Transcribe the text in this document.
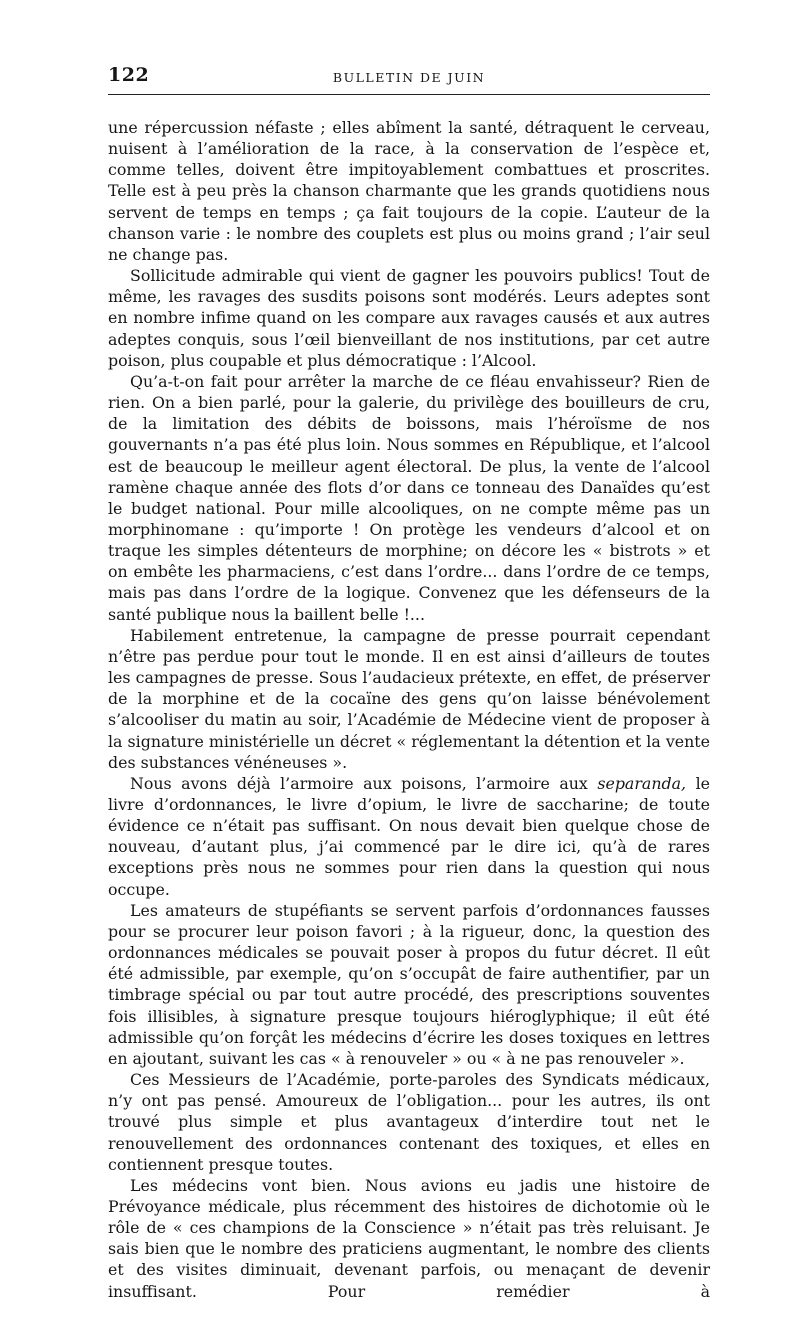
122	BULLETIN DE JUIN

une répercussion néfaste ; elles abîment la santé, détraquent le cerveau, nuisent à l’amélioration de la race, à la conservation de l’espèce et, comme telles, doivent être impitoyablement combattues et proscrites. Telle est à peu près la chanson charmante que les grands quotidiens nous servent de temps en temps ; ça fait toujours de la copie. L’auteur de la chanson varie : le nombre des couplets est plus ou moins grand ; l’air seul ne change pas.

Sollicitude admirable qui vient de gagner les pouvoirs publics! Tout de même, les ravages des susdits poisons sont modérés. Leurs adeptes sont en nombre infime quand on les compare aux ravages causés et aux autres adeptes conquis, sous l’œil bienveillant de nos institutions, par cet autre poison, plus coupable et plus démocratique : l’Alcool.

Qu’a-t-on fait pour arrêter la marche de ce fléau envahisseur? Rien de rien. On a bien parlé, pour la galerie, du privilège des bouilleurs de cru, de la limitation des débits de boissons, mais l’héroïsme de nos gouvernants n’a pas été plus loin. Nous sommes en République, et l’alcool est de beaucoup le meilleur agent électoral. De plus, la vente de l’alcool ramène chaque année des flots d’or dans ce tonneau des Danaïdes qu’est le budget national. Pour mille alcooliques, on ne compte même pas un morphinomane : qu’importe ! On protège les vendeurs d’alcool et on traque les simples détenteurs de morphine; on décore les « bistrots » et on embête les pharmaciens, c’est dans l’ordre... dans l’ordre de ce temps, mais pas dans l’ordre de la logique. Convenez que les défenseurs de la santé publique nous la baillent belle !...

Habilement entretenue, la campagne de presse pourrait cependant n’être pas perdue pour tout le monde. Il en est ainsi d’ailleurs de toutes les campagnes de presse. Sous l’audacieux prétexte, en effet, de préserver de la morphine et de la cocaïne des gens qu’on laisse bénévolement s’alcooliser du matin au soir, l’Académie de Médecine vient de proposer à la signature ministérielle un décret « réglementant la détention et la vente des substances vénéneuses ».

Nous avons déjà l’armoire aux poisons, l’armoire aux separanda, le livre d’ordonnances, le livre d’opium, le livre de saccharine; de toute évidence ce n’était pas suffisant. On nous devait bien quelque chose de nouveau, d’autant plus, j’ai commencé par le dire ici, qu’à de rares exceptions près nous ne sommes pour rien dans la question qui nous occupe.

Les amateurs de stupéfiants se servent parfois d’ordonnances fausses pour se procurer leur poison favori ; à la rigueur, donc, la question des ordonnances médicales se pouvait poser à propos du futur décret. Il eût été admissible, par exemple, qu’on s’occupât de faire authentifier, par un timbrage spécial ou par tout autre procédé, des prescriptions souventes fois illisibles, à signature presque toujours hiéroglyphique; il eût été admissible qu’on forçât les médecins d’écrire les doses toxiques en lettres en ajoutant, suivant les cas « à renouveler » ou « à ne pas renouveler ».

Ces Messieurs de l’Académie, porte-paroles des Syndicats médicaux, n’y ont pas pensé. Amoureux de l’obligation... pour les autres, ils ont trouvé plus simple et plus avantageux d’interdire tout net le renouvellement des ordonnances contenant des toxiques, et elles en contiennent presque toutes.

Les médecins vont bien. Nous avions eu jadis une histoire de Prévoyance médicale, plus récemment des histoires de dichotomie où le rôle de « ces champions de la Conscience » n’était pas très reluisant. Je sais bien que le nombre des praticiens augmentant, le nombre des clients et des visites diminuait, devenant parfois, ou menaçant de devenir insuffisant. Pour remédier à
